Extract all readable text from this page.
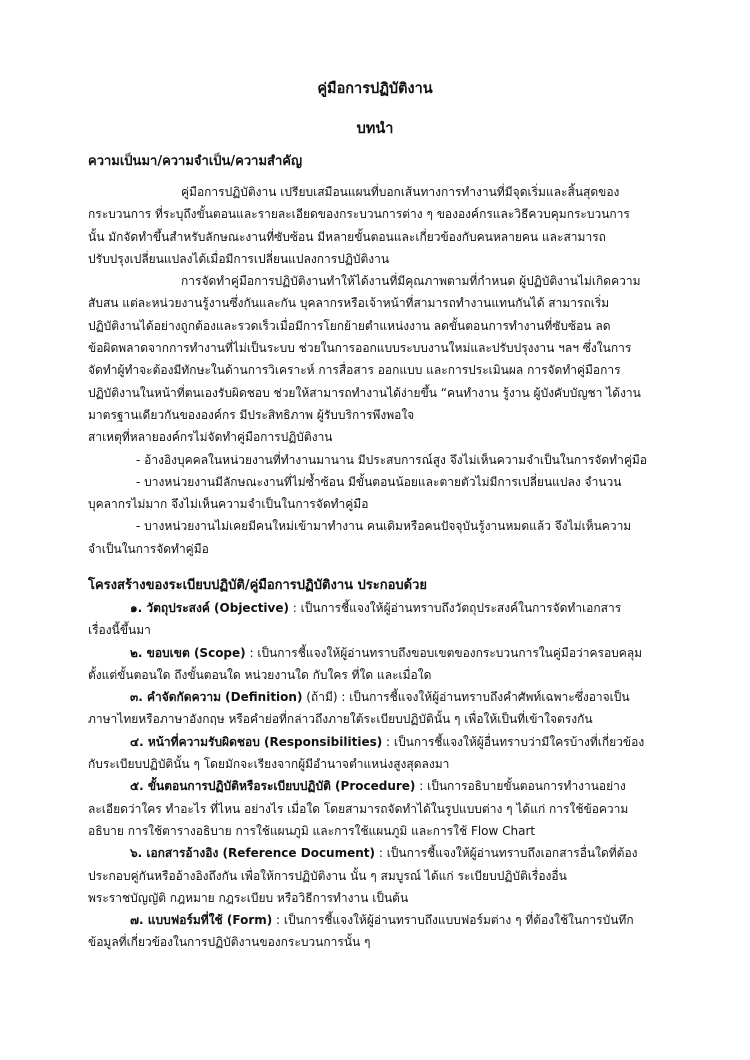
คู่มือการปฏิบัติงาน
บทนำ
ความเป็นมา/ความจำเป็น/ความสำคัญ
คู่มือการปฏิบัติงาน เปรียบเสมือนแผนที่บอกเส้นทางการทำงานที่มีจุดเริ่มและสิ้นสุดของ
กระบวนการ ที่ระบุถึงขั้นตอนและรายละเอียดของกระบวนการต่าง ๆ ขององค์กรและวิธีควบคุมกระบวนการ
นั้น มักจัดทำขึ้นสำหรับลักษณะงานที่ซับซ้อน มีหลายขั้นตอนและเกี่ยวข้องกับคนหลายคน และสามารถ
ปรับปรุงเปลี่ยนแปลงได้เมื่อมีการเปลี่ยนแปลงการปฏิบัติงาน
การจัดทำคู่มือการปฏิบัติงานทำให้ได้งานที่มีคุณภาพตามที่กำหนด ผู้ปฏิบัติงานไม่เกิดความ
สับสน แต่ละหน่วยงานรู้งานซึ่งกันและกัน บุคลากรหรือเจ้าหน้าที่สามารถทำงานแทนกันได้ สามารถเริ่ม
ปฏิบัติงานได้อย่างถูกต้องและรวดเร็วเมื่อมีการโยกย้ายตำแหน่งงาน ลดขั้นตอนการทำงานที่ซับซ้อน ลด
ข้อผิดพลาดจากการทำงานที่ไม่เป็นระบบ ช่วยในการออกแบบระบบงานใหม่และปรับปรุงงาน ฯลฯ ซึ่งในการ
จัดทำผู้ทำจะต้องมีทักษะในด้านการวิเคราะห์ การสื่อสาร ออกแบบ และการประเมินผล การจัดทำคู่มือการ
ปฏิบัติงานในหน้าที่ตนเองรับผิดชอบ ช่วยให้สามารถทำงานได้ง่ายขึ้น “คนทำงาน รู้งาน ผู้บังคับบัญชา ได้งาน
มาตรฐานเดียวกันขององค์กร มีประสิทธิภาพ ผู้รับบริการพึงพอใจ
สาเหตุที่หลายองค์กรไม่จัดทำคู่มือการปฏิบัติงาน
- อ้างอิงบุคคลในหน่วยงานที่ทำงานมานาน มีประสบการณ์สูง จึงไม่เห็นความจำเป็นในการจัดทำคู่มือ
- บางหน่วยงานมีลักษณะงานที่ไม่ซ้ำซ้อน มีขั้นตอนน้อยและตายตัวไม่มีการเปลี่ยนแปลง จำนวน
บุคลากรไม่มาก จึงไม่เห็นความจำเป็นในการจัดทำคู่มือ
- บางหน่วยงานไม่เคยมีคนใหม่เข้ามาทำงาน คนเดิมหรือคนปัจจุบันรู้งานหมดแล้ว จึงไม่เห็นความ
จำเป็นในการจัดทำคู่มือ
โครงสร้างของระเบียบปฏิบัติ/คู่มือการปฏิบัติงาน ประกอบด้วย
๑. วัตถุประสงค์ (Objective) : เป็นการชี้แจงให้ผู้อ่านทราบถึงวัตถุประสงค์ในการจัดทำเอกสาร
เรื่องนี้ขึ้นมา
๒. ขอบเขต (Scope) : เป็นการชี้แจงให้ผู้อ่านทราบถึงขอบเขตของกระบวนการในคู่มือว่าครอบคลุม
ตั้งแต่ขั้นตอนใด ถึงขั้นตอนใด หน่วยงานใด กับใคร ที่ใด และเมื่อใด
๓. คำจัดกัดความ (Definition) (ถ้ามี) : เป็นการชี้แจงให้ผู้อ่านทราบถึงคำศัพท์เฉพาะซึ่งอาจเป็น
ภาษาไทยหรือภาษาอังกฤษ หรือคำย่อที่กล่าวถึงภายใต้ระเบียบปฏิบัตินั้น ๆ เพื่อให้เป็นที่เข้าใจตรงกัน
๔. หน้าที่ความรับผิดชอบ (Responsibilities) : เป็นการชี้แจงให้ผู้อื่นทราบว่ามีใครบ้างที่เกี่ยวข้อง
กับระเบียบปฏิบัตินั้น ๆ โดยมักจะเรียงจากผู้มีอำนาจตำแหน่งสูงสุดลงมา
๕. ขั้นตอนการปฏิบัติหรือระเบียบปฏิบัติ (Procedure) : เป็นการอธิบายขั้นตอนการทำงานอย่าง
ละเอียดว่าใคร ทำอะไร ที่ไหน อย่างไร เมื่อใด โดยสามารถจัดทำได้ในรูปแบบต่าง ๆ ได้แก่ การใช้ข้อความ
อธิบาย การใช้ตารางอธิบาย การใช้แผนภูมิ และการใช้แผนภูมิ และการใช้ Flow Chart
๖. เอกสารอ้างอิง (Reference Document) : เป็นการชี้แจงให้ผู้อ่านทราบถึงเอกสารอื่นใดที่ต้อง
ประกอบคู่กันหรืออ้างอิงถึงกัน เพื่อให้การปฏิบัติงาน นั้น ๆ สมบูรณ์ ได้แก่ ระเบียบปฏิบัติเรื่องอื่น
พระราชบัญญัติ กฎหมาย กฎระเบียบ หรือวิธีการทำงาน เป็นต้น
๗. แบบฟอร์มที่ใช้ (Form) : เป็นการชี้แจงให้ผู้อ่านทราบถึงแบบฟอร์มต่าง ๆ ที่ต้องใช้ในการบันทึก
ข้อมูลที่เกี่ยวข้องในการปฏิบัติงานของกระบวนการนั้น ๆ
